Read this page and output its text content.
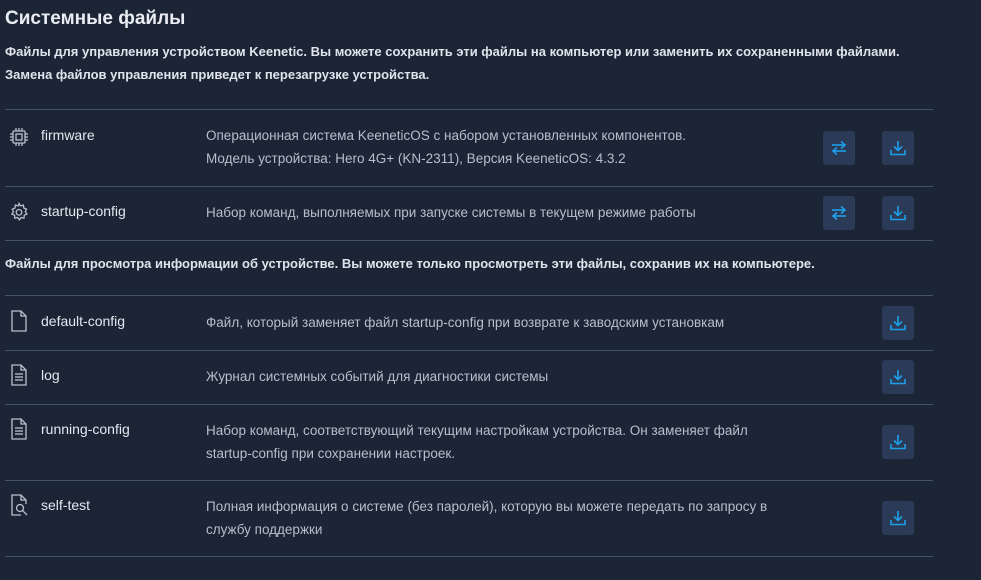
Системные файлы
Файлы для управления устройством Keenetic. Вы можете сохранить эти файлы на компьютер или заменить их сохраненными файлами.
Замена файлов управления приведет к перезагрузке устройства.
firmware	Операционная система KeeneticOS с набором установленных компонентов.
Модель устройства: Hero 4G+ (KN-2311), Версия KeeneticOS: 4.3.2
startup-config	Набор команд, выполняемых при запуске системы в текущем режиме работы

Файлы для просмотра информации об устройстве. Вы можете только просмотреть эти файлы, сохранив их на компьютере.

default-config	Файл, который заменяет файл startup-config при возврате к заводским установкам
log	Журнал системных событий для диагностики системы
running-config	Набор команд, соответствующий текущим настройкам устройства. Он заменяет файл
startup-config при сохранении настроек.
self-test	Полная информация о системе (без паролей), которую вы можете передать по запросу в
службу поддержки
